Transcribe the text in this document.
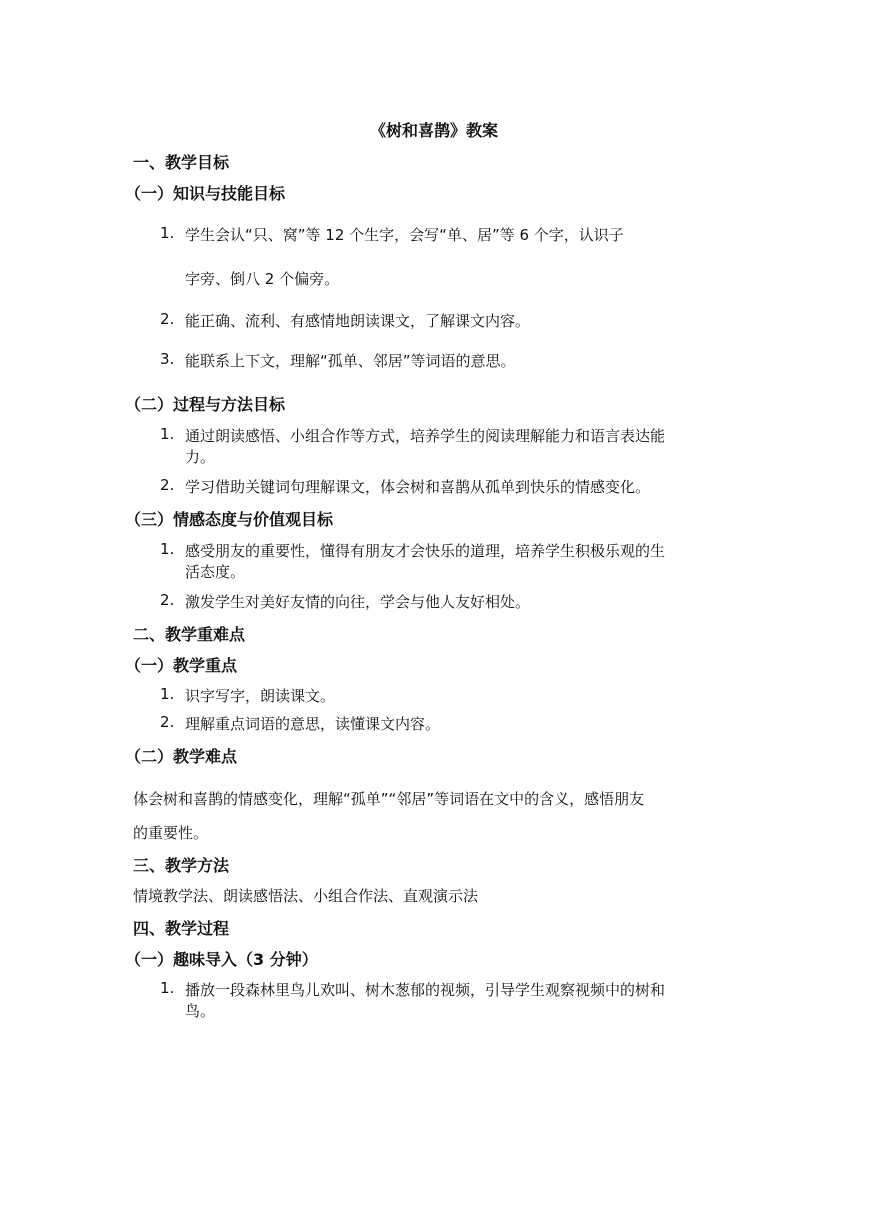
《树和喜鹊》教案
一、教学目标
（一）知识与技能目标
1. 学生会认“只、窝”等 12 个生字，会写“单、居”等 6 个字，认识子
字旁、倒八 2 个偏旁。
2. 能正确、流利、有感情地朗读课文，了解课文内容。
3. 能联系上下文，理解“孤单、邻居”等词语的意思。
（二）过程与方法目标
1. 通过朗读感悟、小组合作等方式，培养学生的阅读理解能力和语言表达能
力。
2. 学习借助关键词句理解课文，体会树和喜鹊从孤单到快乐的情感变化。
（三）情感态度与价值观目标
1. 感受朋友的重要性，懂得有朋友才会快乐的道理，培养学生积极乐观的生
活态度。
2. 激发学生对美好友情的向往，学会与他人友好相处。
二、教学重难点
（一）教学重点
1. 识字写字，朗读课文。
2. 理解重点词语的意思，读懂课文内容。
（二）教学难点
体会树和喜鹊的情感变化，理解“孤单”“邻居”等词语在文中的含义，感悟朋友
的重要性。
三、教学方法
情境教学法、朗读感悟法、小组合作法、直观演示法
四、教学过程
（一）趣味导入（3 分钟）
1. 播放一段森林里鸟儿欢叫、树木葱郁的视频，引导学生观察视频中的树和
鸟。
